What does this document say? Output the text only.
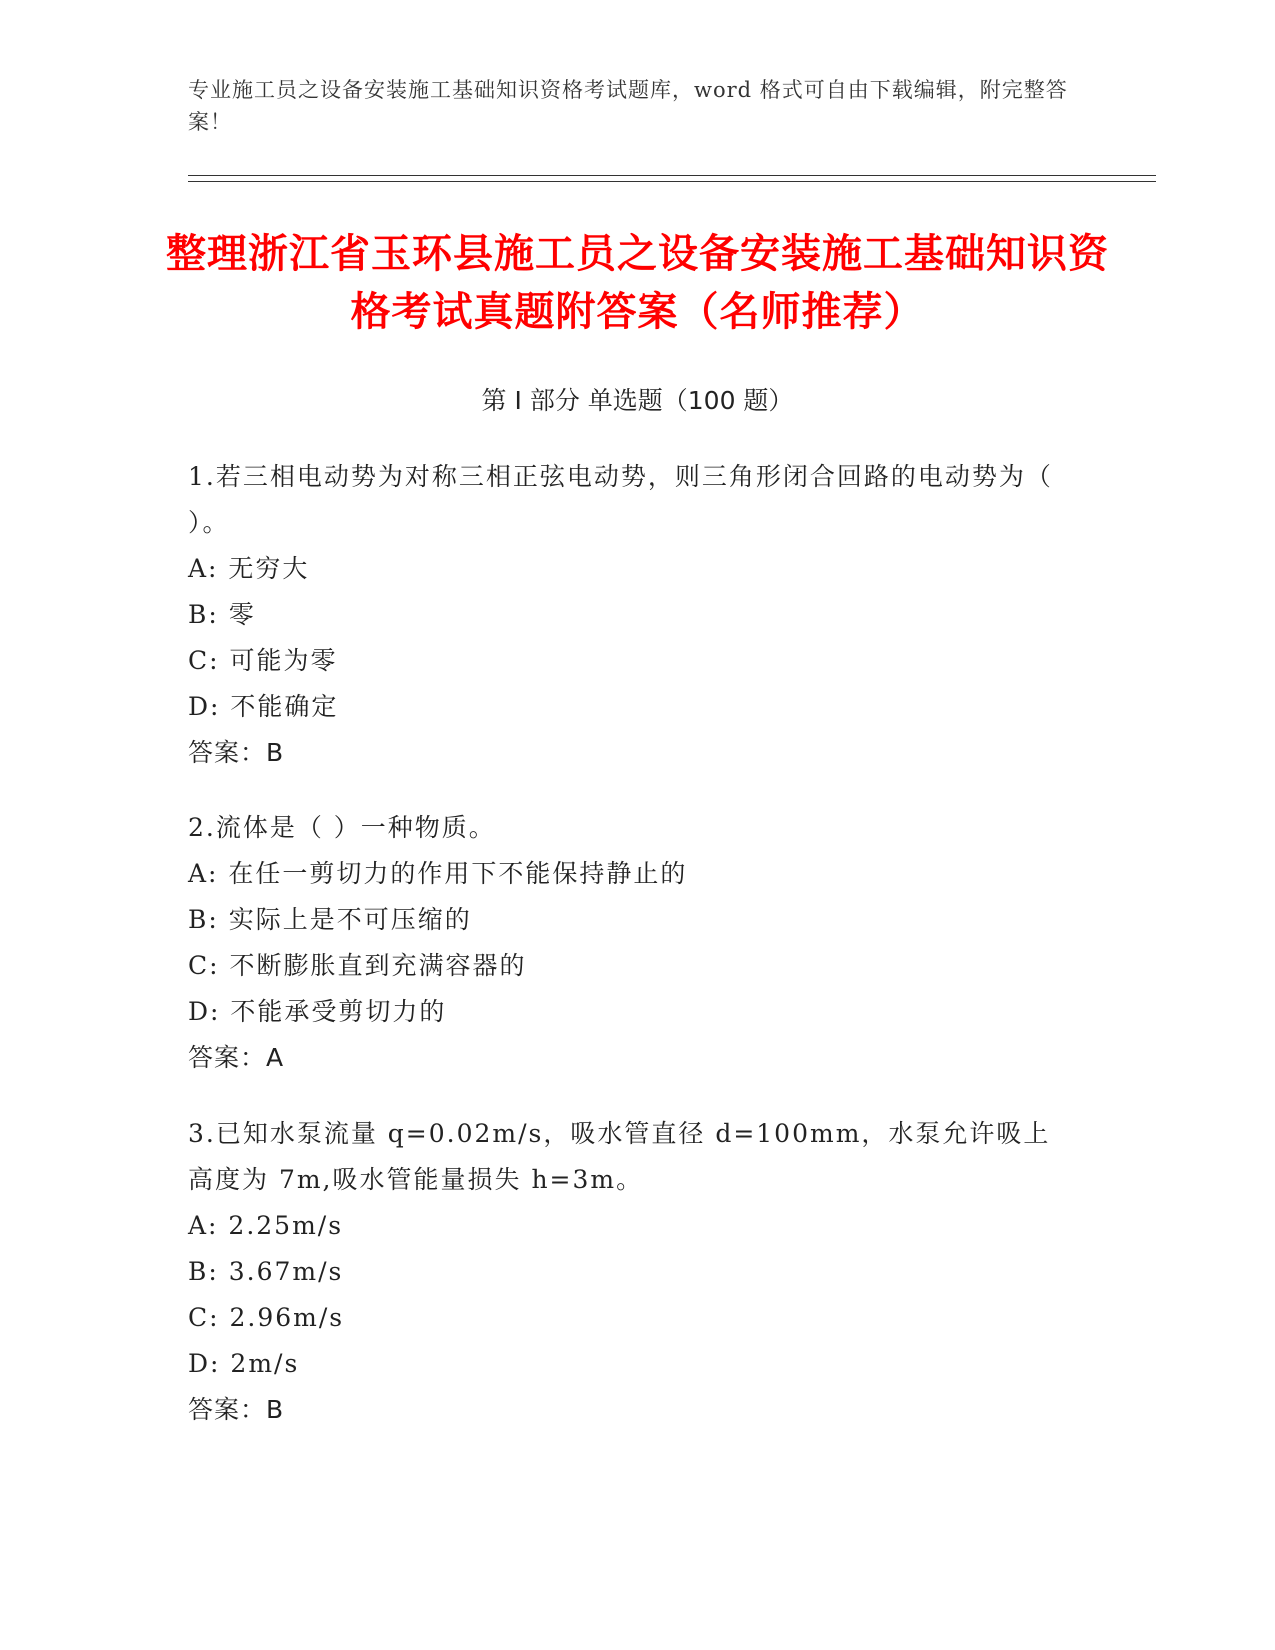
专业施工员之设备安装施工基础知识资格考试题库，word 格式可自由下载编辑，附完整答案！
整理浙江省玉环县施工员之设备安装施工基础知识资格考试真题附答案（名师推荐）
第 I 部分 单选题（100 题）
1.若三相电动势为对称三相正弦电动势，则三角形闭合回路的电动势为（ ）。
A: 无穷大
B: 零
C: 可能为零
D: 不能确定
答案：B
2.流体是（ ）一种物质。
A: 在任一剪切力的作用下不能保持静止的
B: 实际上是不可压缩的
C: 不断膨胀直到充满容器的
D: 不能承受剪切力的
答案：A
3.已知水泵流量 q=0.02m/s，吸水管直径 d=100mm，水泵允许吸上高度为 7m,吸水管能量损失 h=3m。
A: 2.25m/s
B: 3.67m/s
C: 2.96m/s
D: 2m/s
答案：B
